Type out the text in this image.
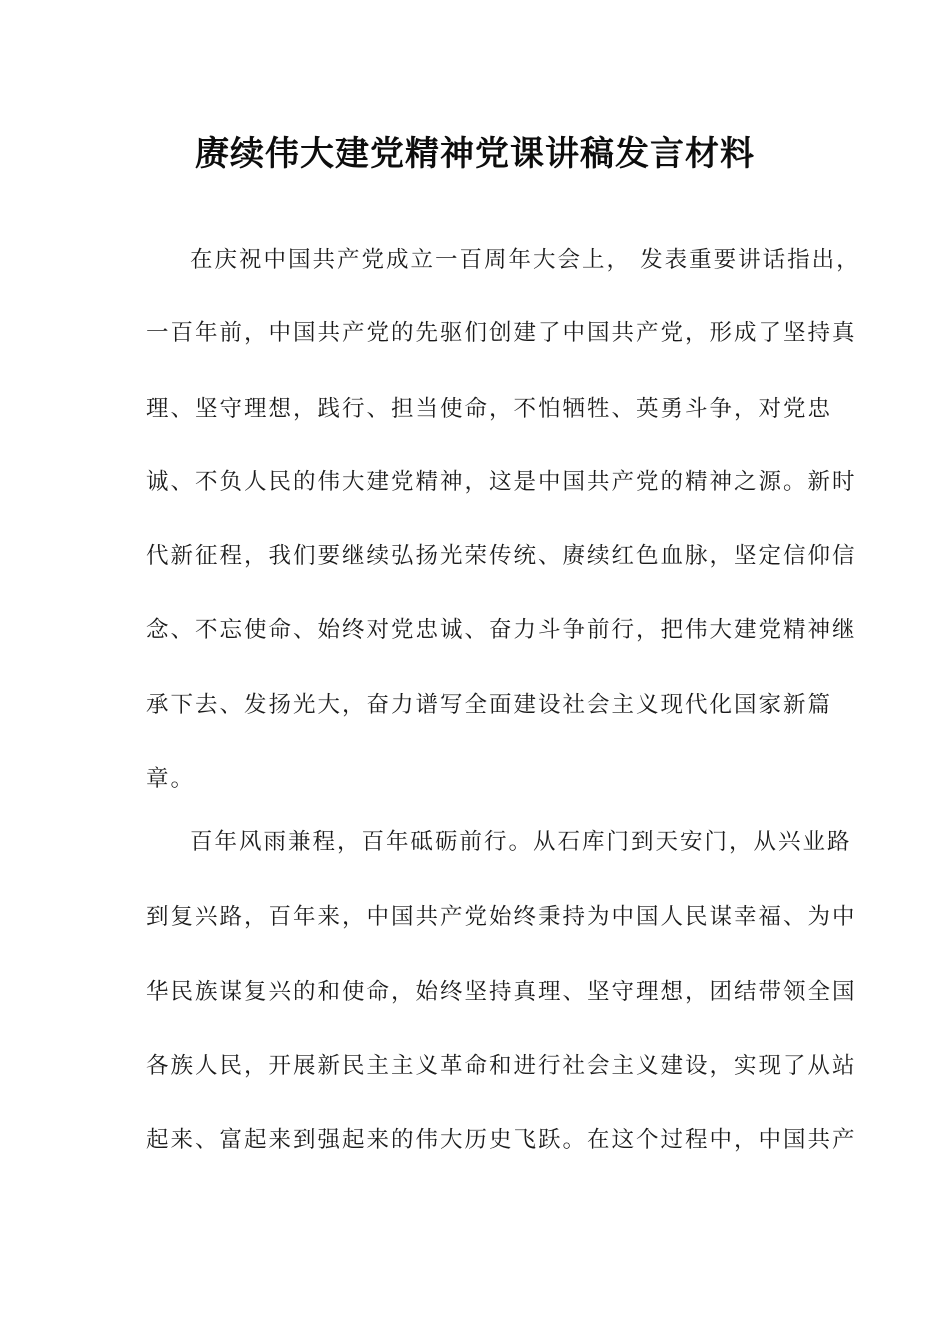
赓续伟大建党精神党课讲稿发言材料
在庆祝中国共产党成立一百周年大会上， 发表重要讲话指出，
一百年前，中国共产党的先驱们创建了中国共产党，形成了坚持真
理、坚守理想，践行、担当使命，不怕牺牲、英勇斗争，对党忠
诚、不负人民的伟大建党精神，这是中国共产党的精神之源。新时
代新征程，我们要继续弘扬光荣传统、赓续红色血脉，坚定信仰信
念、不忘使命、始终对党忠诚、奋力斗争前行，把伟大建党精神继
承下去、发扬光大，奋力谱写全面建设社会主义现代化国家新篇
章。
百年风雨兼程，百年砥砺前行。从石库门到天安门，从兴业路
到复兴路，百年来，中国共产党始终秉持为中国人民谋幸福、为中
华民族谋复兴的和使命，始终坚持真理、坚守理想，团结带领全国
各族人民，开展新民主主义革命和进行社会主义建设，实现了从站
起来、富起来到强起来的伟大历史飞跃。在这个过程中，中国共产
